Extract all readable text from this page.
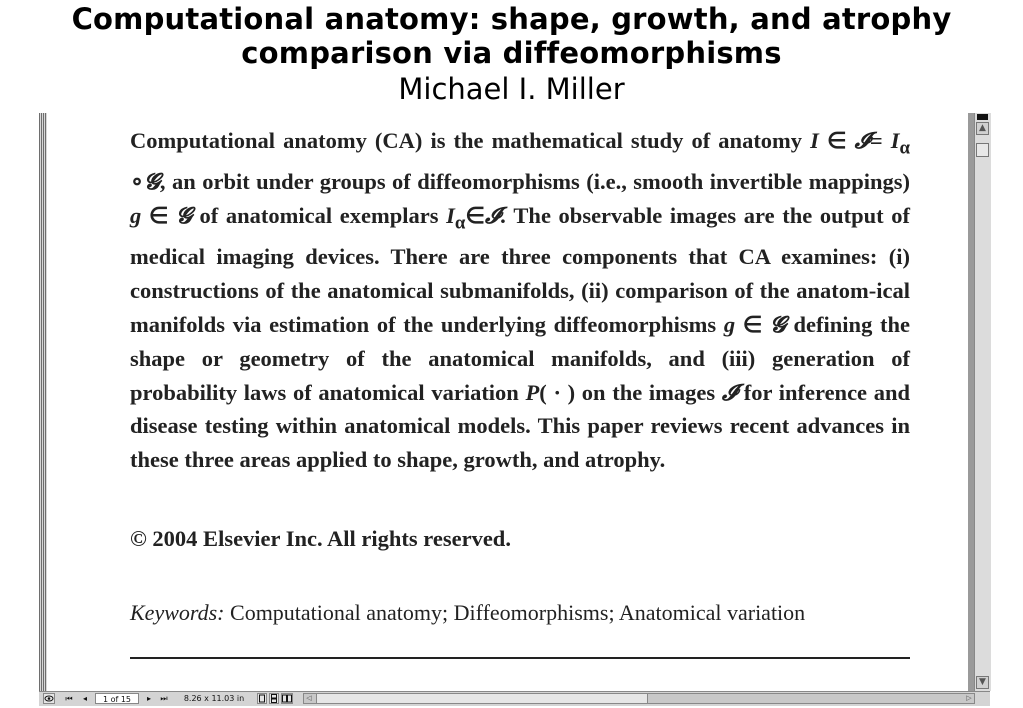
Computational anatomy: shape, growth, and atrophy
comparison via diffeomorphisms
Michael I. Miller

Computational anatomy (CA) is the mathematical study of anatomy I ∈ 𝓘= $I_\alpha$ ∘𝓖, an orbit under groups of diffeomorphisms (i.e., smooth invertible mappings) g ∈ 𝓖 of anatomical exemplars $I_\alpha\in 𝓘$. The observable images are the output of medical imaging devices. There are three components that CA examines: (i) constructions of the anatomical submanifolds, (ii) comparison of the anatom-ical manifolds via estimation of the underlying diffeomorphisms g ∈ 𝓖 defining the shape or geometry of the anatomical manifolds, and (iii) generation of probability laws of anatomical variation P( · ) on the images 𝓘 for inference and disease testing within anatomical models. This paper reviews recent advances in these three areas applied to shape, growth, and atrophy.

© 2004 Elsevier Inc. All rights reserved.
Keywords: Computational anatomy; Diffeomorphisms; Anatomical variation
▲
▼
⏮	◂	1 of 15	▸	⏭	8.26 x 11.03 in	◁	▷
